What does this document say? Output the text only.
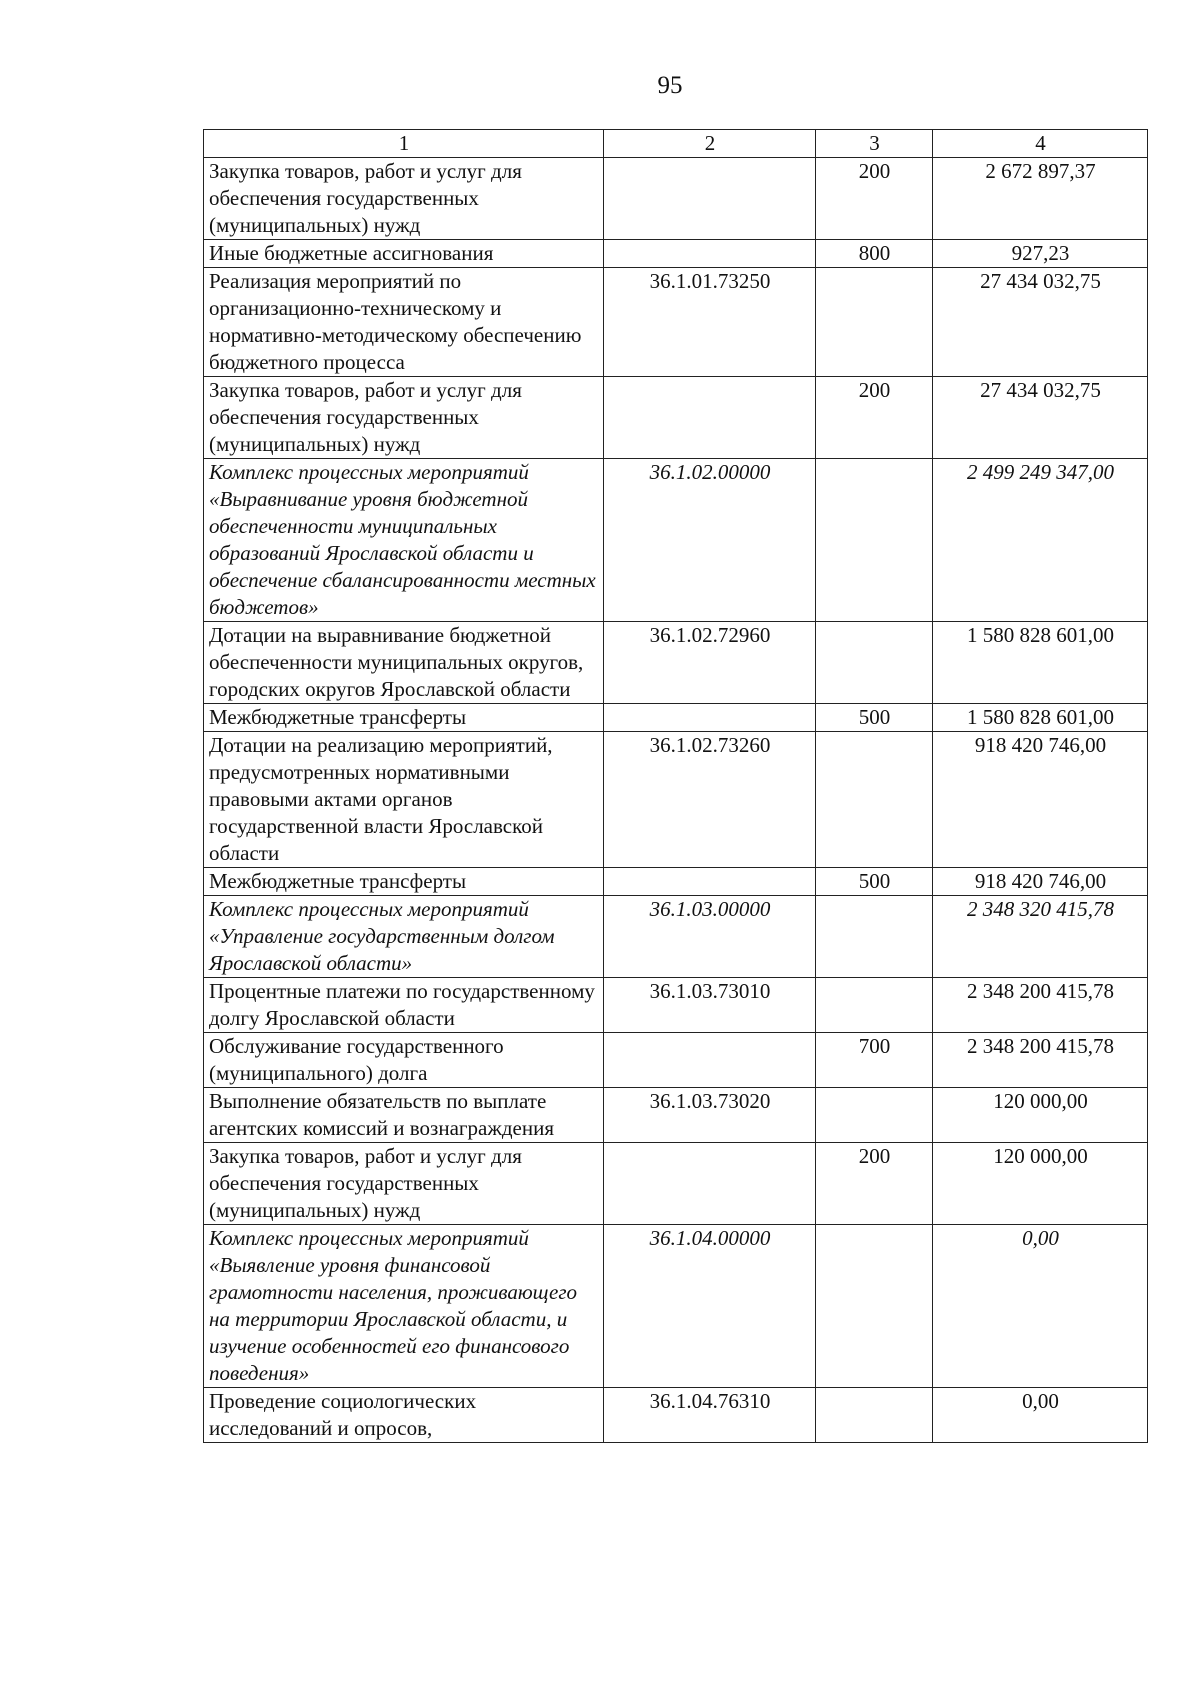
95
1	2	3	4
Закупка товаров, работ и услуг для обеспечения государственных (муниципальных) нужд		200	2 672 897,37
Иные бюджетные ассигнования		800	927,23
Реализация мероприятий по организационно-техническому и нормативно-методическому обеспечению бюджетного процесса	36.1.01.73250		27 434 032,75
Закупка товаров, работ и услуг для обеспечения государственных (муниципальных) нужд		200	27 434 032,75
Комплекс процессных мероприятий «Выравнивание уровня бюджетной обеспеченности муниципальных образований Ярославской области и обеспечение сбалансированности местных бюджетов»	36.1.02.00000		2 499 249 347,00
Дотации на выравнивание бюджетной обеспеченности муниципальных округов, городских округов Ярославской области	36.1.02.72960		1 580 828 601,00
Межбюджетные трансферты		500	1 580 828 601,00
Дотации на реализацию мероприятий, предусмотренных нормативными правовыми актами органов государственной власти Ярославской области	36.1.02.73260		918 420 746,00
Межбюджетные трансферты		500	918 420 746,00
Комплекс процессных мероприятий «Управление государственным долгом Ярославской области»	36.1.03.00000		2 348 320 415,78
Процентные платежи по государственному долгу Ярославской области	36.1.03.73010		2 348 200 415,78
Обслуживание государственного (муниципального) долга		700	2 348 200 415,78
Выполнение обязательств по выплате агентских комиссий и вознаграждения	36.1.03.73020		120 000,00
Закупка товаров, работ и услуг для обеспечения государственных (муниципальных) нужд		200	120 000,00
Комплекс процессных мероприятий «Выявление уровня финансовой грамотности населения, проживающего на территории Ярославской области, и изучение особенностей его финансового поведения»	36.1.04.00000		0,00
Проведение социологических исследований и опросов,	36.1.04.76310		0,00
